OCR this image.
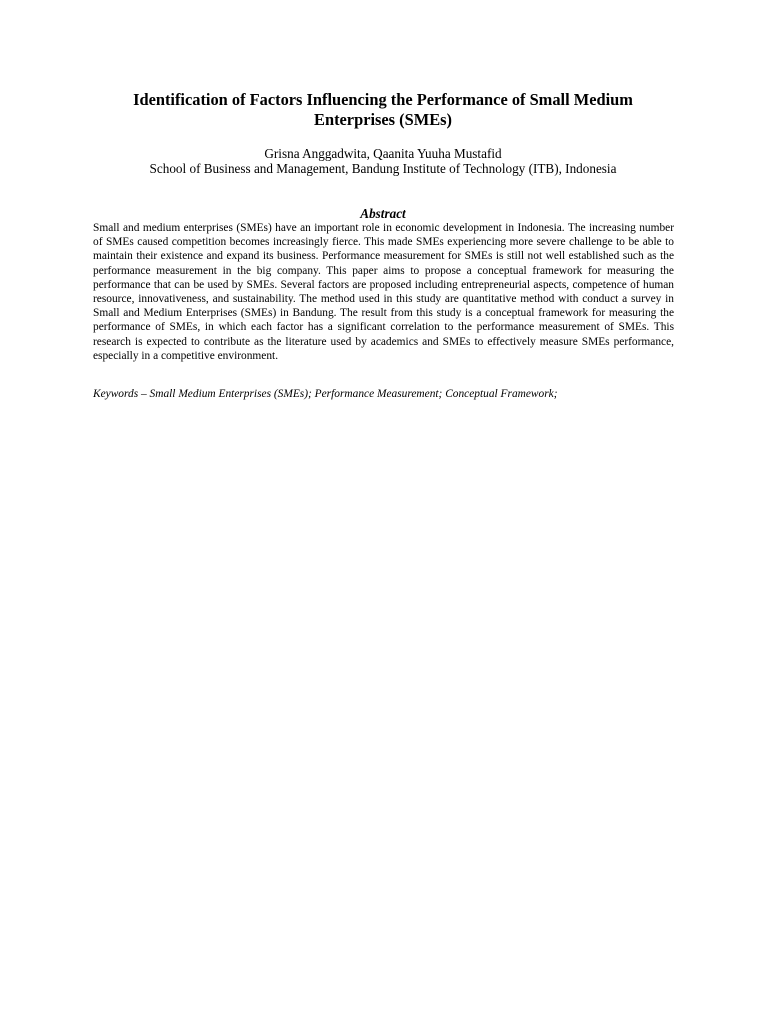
Identification of Factors Influencing the Performance of Small Medium Enterprises (SMEs)
Grisna Anggadwita, Qaanita Yuuha Mustafid
School of Business and Management, Bandung Institute of Technology (ITB), Indonesia
Abstract
Small and medium enterprises (SMEs) have an important role in economic development in Indonesia. The increasing number of SMEs caused competition becomes increasingly fierce. This made SMEs experiencing more severe challenge to be able to maintain their existence and expand its business. Performance measurement for SMEs is still not well established such as the performance measurement in the big company. This paper aims to propose a conceptual framework for measuring the performance that can be used by SMEs. Several factors are proposed including entrepreneurial aspects, competence of human resource, innovativeness, and sustainability. The method used in this study are quantitative method with conduct a survey in Small and Medium Enterprises (SMEs) in Bandung. The result from this study is a conceptual framework for measuring the performance of SMEs, in which each factor has a significant correlation to the performance measurement of SMEs. This research is expected to contribute as the literature used by academics and SMEs to effectively measure SMEs performance, especially in a competitive environment.
Keywords – Small Medium Enterprises (SMEs); Performance Measurement; Conceptual Framework;
